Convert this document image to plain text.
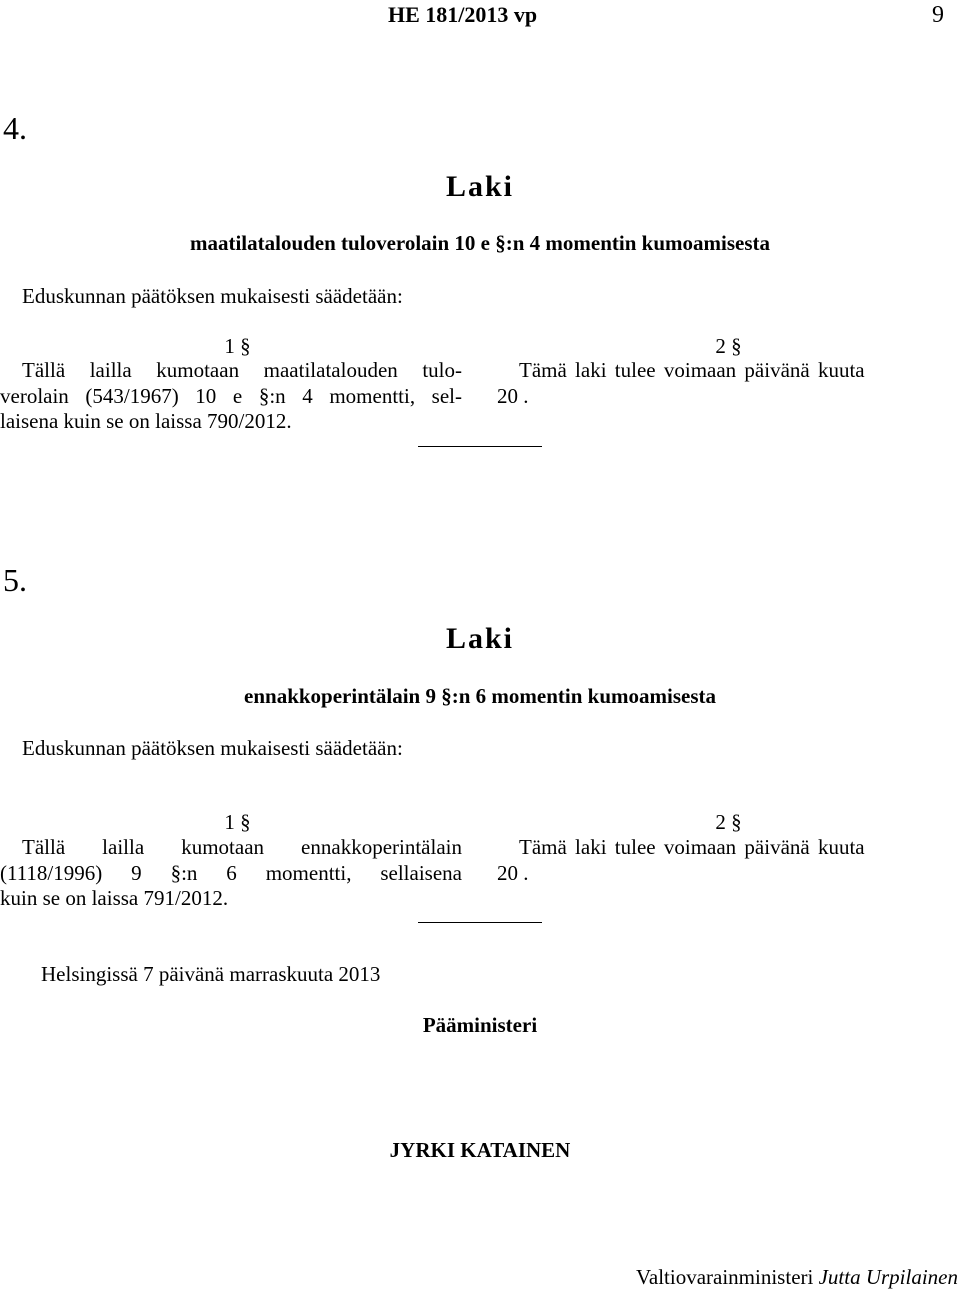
HE 181/2013 vp	9
4.
Laki
maatilatalouden tuloverolain 10 e §:n 4 momentin kumoamisesta
Eduskunnan päätöksen mukaisesti säädetään:
1 §
Tällä lailla kumotaan maatilatalouden tulo-
verolain (543/1967) 10 e §:n 4 momentti, sel-
laisena kuin se on laissa 790/2012.
2 §
Tämä laki tulee voimaan päivänä kuuta
20 .
5.
Laki
ennakkoperintälain 9 §:n 6 momentin kumoamisesta
Eduskunnan päätöksen mukaisesti säädetään:
1 §
Tällä lailla kumotaan ennakkoperintälain
(1118/1996) 9 §:n 6 momentti, sellaisena
kuin se on laissa 791/2012.
2 §
Tämä laki tulee voimaan päivänä kuuta
20 .
Helsingissä 7 päivänä marraskuuta 2013
Pääministeri
JYRKI KATAINEN
Valtiovarainministeri Jutta Urpilainen
